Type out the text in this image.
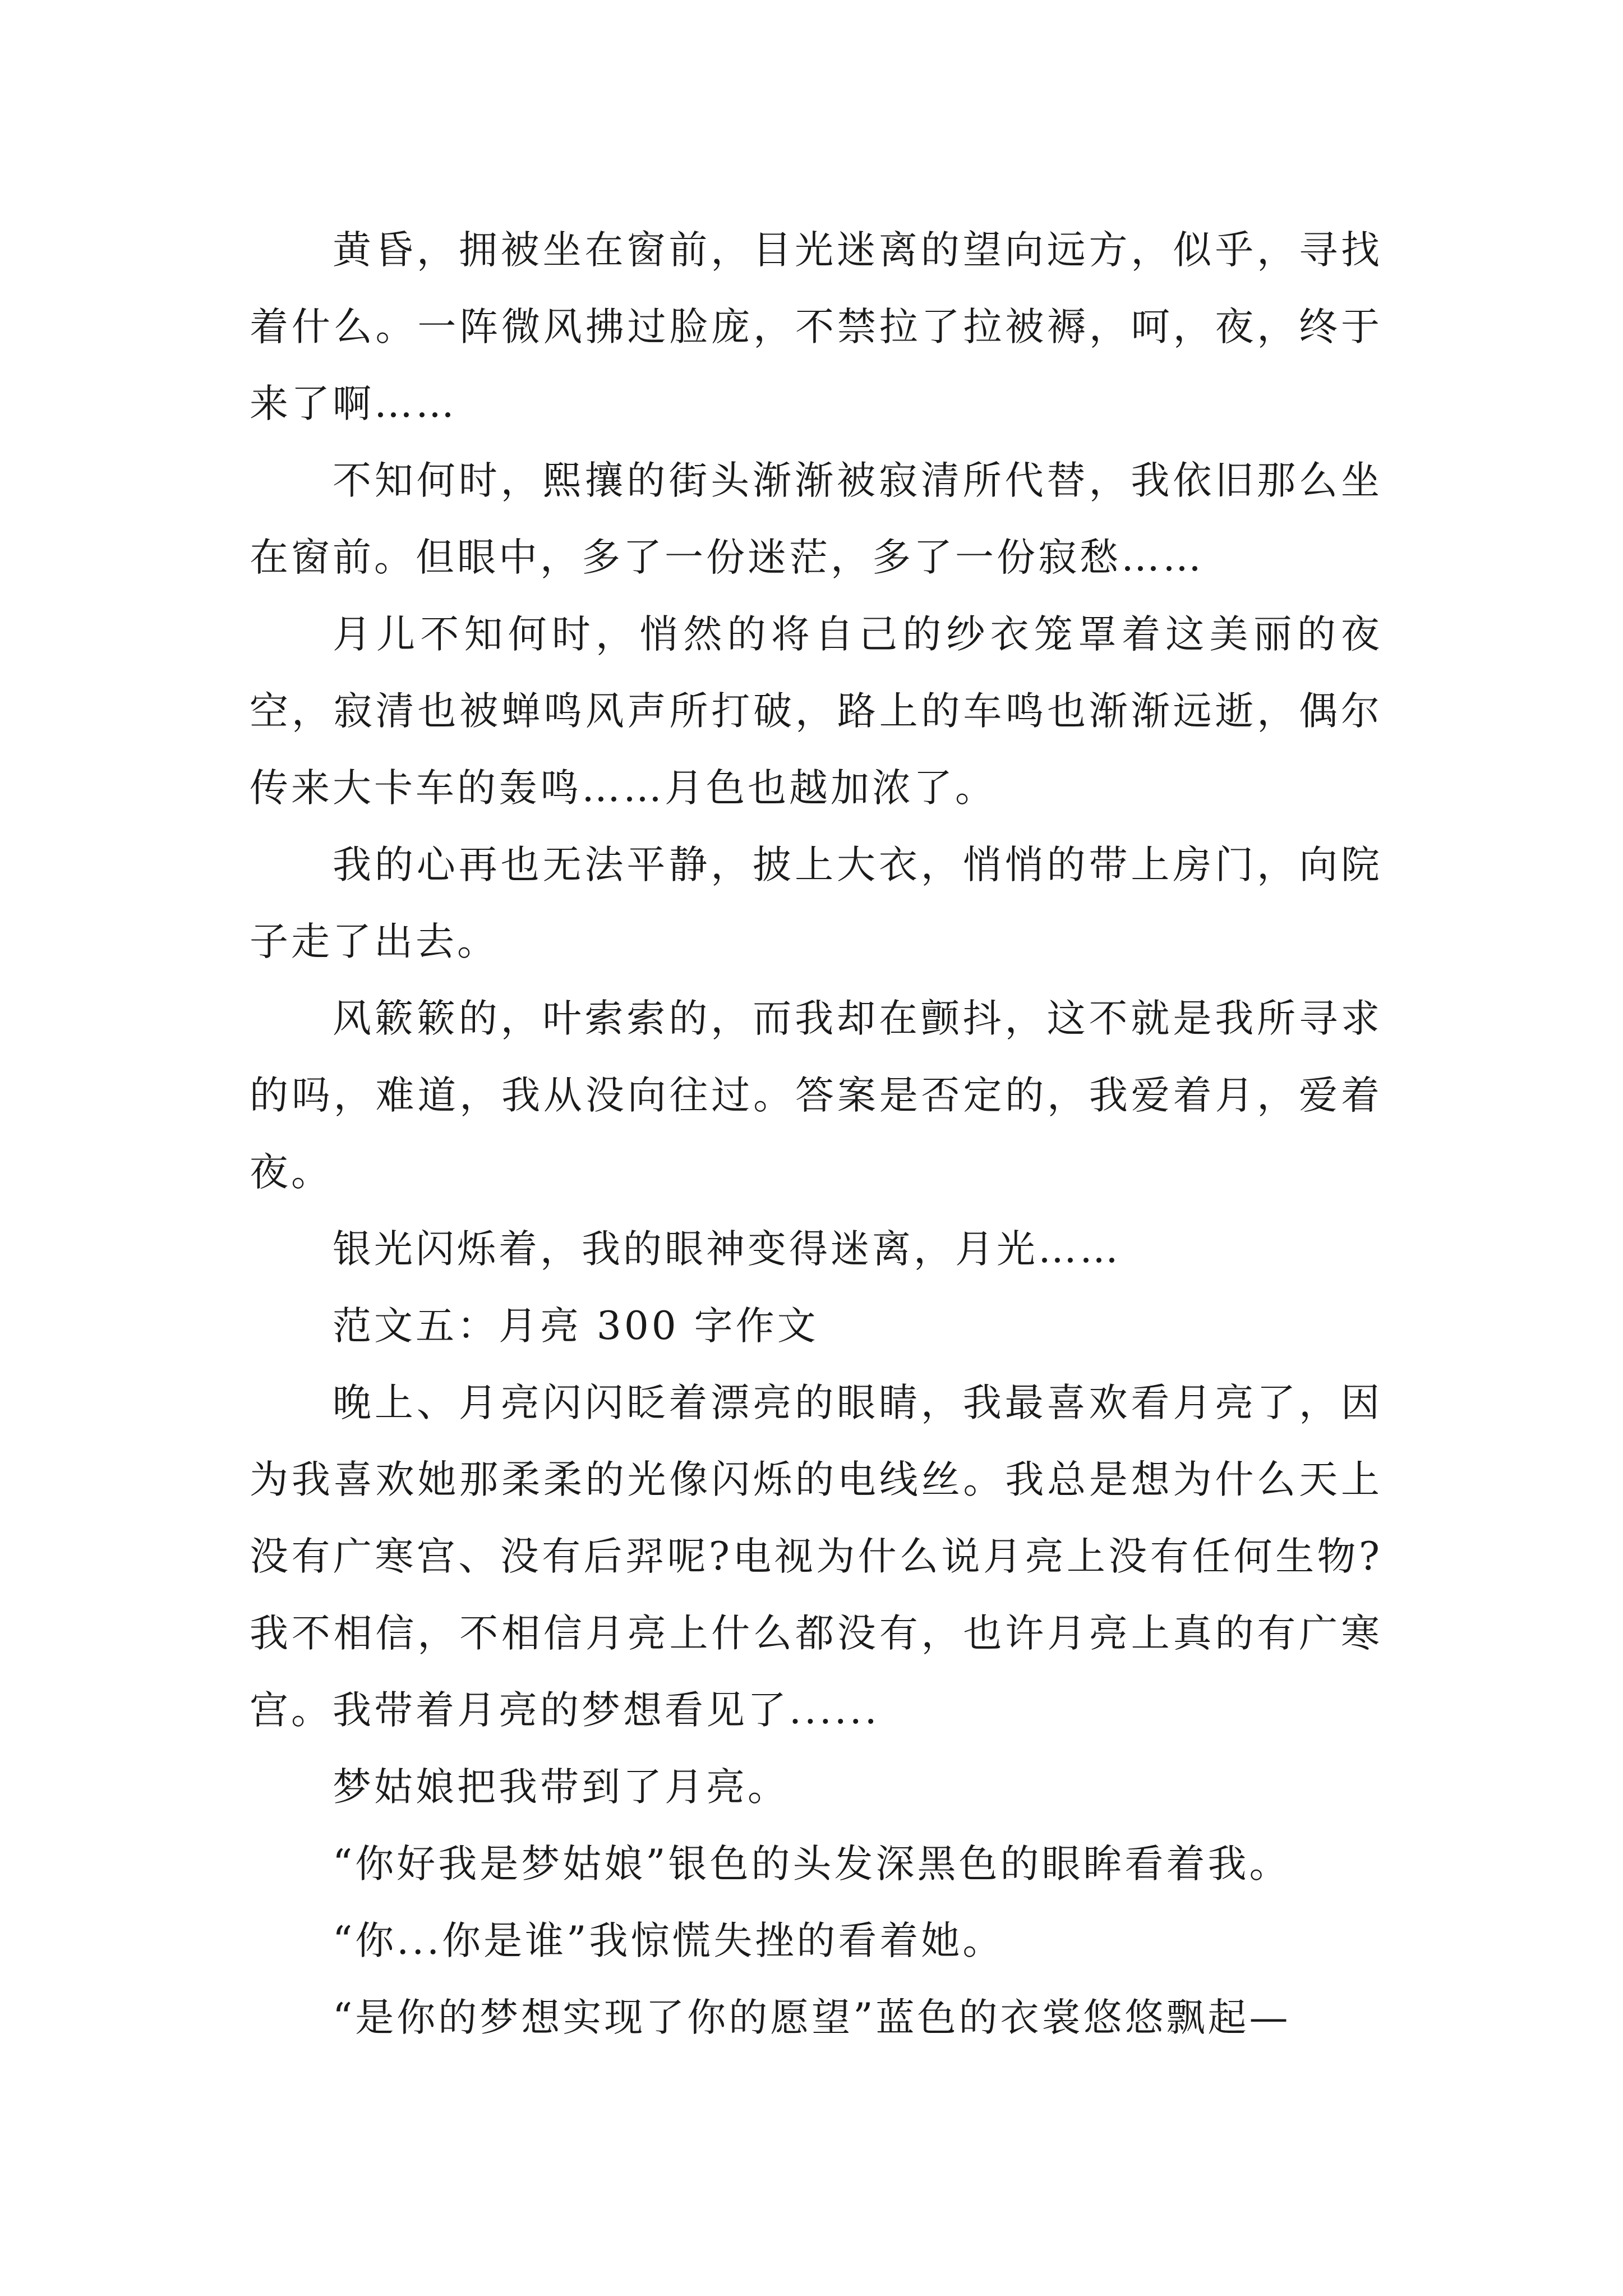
黄昏，拥被坐在窗前，目光迷离的望向远方，似乎，寻找着什么。一阵微风拂过脸庞，不禁拉了拉被褥，呵，夜，终于来了啊……

不知何时，熙攘的街头渐渐被寂清所代替，我依旧那么坐在窗前。但眼中，多了一份迷茫，多了一份寂愁……

月儿不知何时，悄然的将自己的纱衣笼罩着这美丽的夜空，寂清也被蝉鸣风声所打破，路上的车鸣也渐渐远逝，偶尔传来大卡车的轰鸣……月色也越加浓了。

我的心再也无法平静，披上大衣，悄悄的带上房门，向院子走了出去。

风簌簌的，叶索索的，而我却在颤抖，这不就是我所寻求的吗，难道，我从没向往过。答案是否定的，我爱着月，爱着夜。

银光闪烁着，我的眼神变得迷离，月光……

范文五：月亮 300 字作文

晚上、月亮闪闪眨着漂亮的眼睛，我最喜欢看月亮了，因为我喜欢她那柔柔的光像闪烁的电线丝。我总是想为什么天上没有广寒宫、没有后羿呢?电视为什么说月亮上没有任何生物?我不相信，不相信月亮上什么都没有，也许月亮上真的有广寒宫。我带着月亮的梦想看见了......

梦姑娘把我带到了月亮。

“你好我是梦姑娘”银色的头发深黑色的眼眸看着我。

“你...你是谁”我惊慌失挫的看着她。

“是你的梦想实现了你的愿望”蓝色的衣裳悠悠飘起—
